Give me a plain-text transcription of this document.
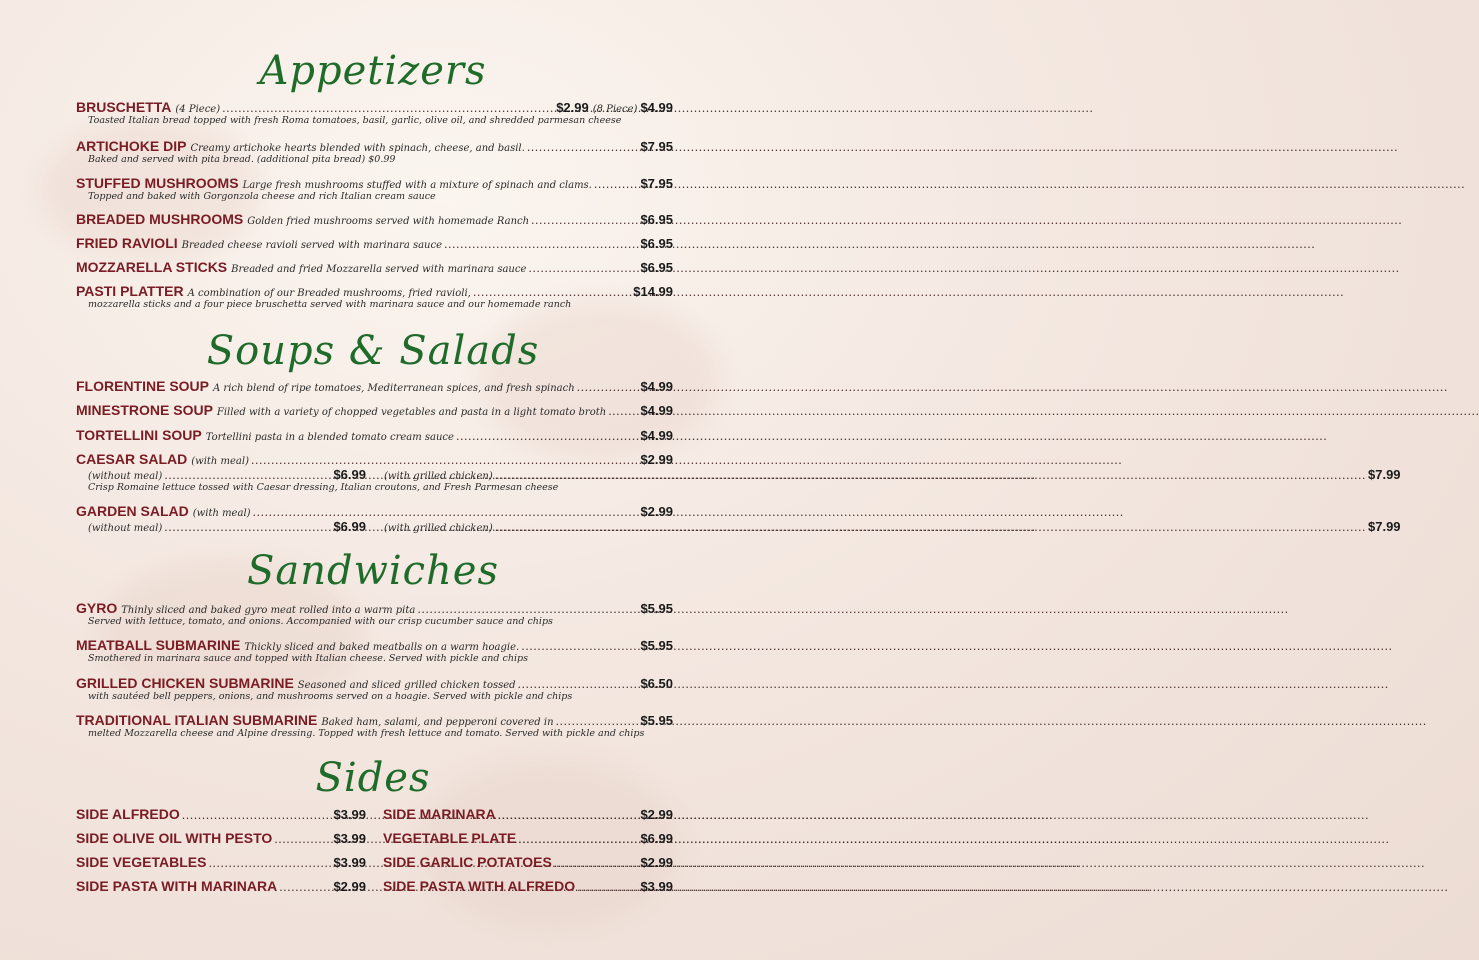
Appetizers
BRUSCHETTA (4 Piece) .....	$2.99 (8 Piece) $4.99
Toasted Italian bread topped with fresh Roma tomatoes, basil, garlic, olive oil, and shredded parmesan cheese
ARTICHOKE DIP Creamy artichoke hearts blended with spinach, cheese, and basil. .....	$7.95
Baked and served with pita bread. (additional pita bread) $0.99
STUFFED MUSHROOMS Large fresh mushrooms stuffed with a mixture of spinach and clams. .....	$7.95
Topped and baked with Gorgonzola cheese and rich Italian cream sauce
BREADED MUSHROOMS Golden fried mushrooms served with homemade Ranch .....	$6.95
FRIED RAVIOLI Breaded cheese ravioli served with marinara sauce .....	$6.95
MOZZARELLA STICKS Breaded and fried Mozzarella served with marinara sauce .....	$6.95
PASTI PLATTER A combination of our Breaded mushrooms, fried ravioli, .....	$14.99
mozzarella sticks and a four piece bruschetta served with marinara sauce and our homemade ranch
Soups & Salads
FLORENTINE SOUP A rich blend of ripe tomatoes, Mediterranean spices, and fresh spinach .....	$4.99
MINESTRONE SOUP Filled with a variety of chopped vegetables and pasta in a light tomato broth .....	$4.99
TORTELLINI SOUP Tortellini pasta in a blended tomato cream sauce .....	$4.99
CAESAR SALAD (with meal) .....	$2.99
(without meal) .....	$6.99 (with grilled chicken) .....	$7.99
Crisp Romaine lettuce tossed with Caesar dressing, Italian croutons, and Fresh Parmesan cheese
GARDEN SALAD (with meal) .....	$2.99
(without meal) .....	$6.99 (with grilled chicken) .....	$7.99
Sandwiches
GYRO Thinly sliced and baked gyro meat rolled into a warm pita .....	$5.95
Served with lettuce, tomato, and onions. Accompanied with our crisp cucumber sauce and chips
MEATBALL SUBMARINE Thickly sliced and baked meatballs on a warm hoagie. .....	$5.95
Smothered in marinara sauce and topped with Italian cheese. Served with pickle and chips
GRILLED CHICKEN SUBMARINE Seasoned and sliced grilled chicken tossed .....	$6.50
with sautéed bell peppers, onions, and mushrooms served on a hoagie. Served with pickle and chips
TRADITIONAL ITALIAN SUBMARINE Baked ham, salami, and pepperoni covered in .....	$5.95
melted Mozzarella cheese and Alpine dressing. Topped with fresh lettuce and tomato. Served with pickle and chips
Sides
SIDE ALFREDO .....	$3.99
SIDE OLIVE OIL WITH PESTO .....	$3.99
SIDE VEGETABLES .....	$3.99
SIDE PASTA WITH MARINARA .....	$2.99
SIDE MARINARA .....	$2.99
VEGETABLE PLATE .....	$6.99
SIDE GARLIC POTATOES .....	$2.99
SIDE PASTA WITH ALFREDO .....	$3.99
